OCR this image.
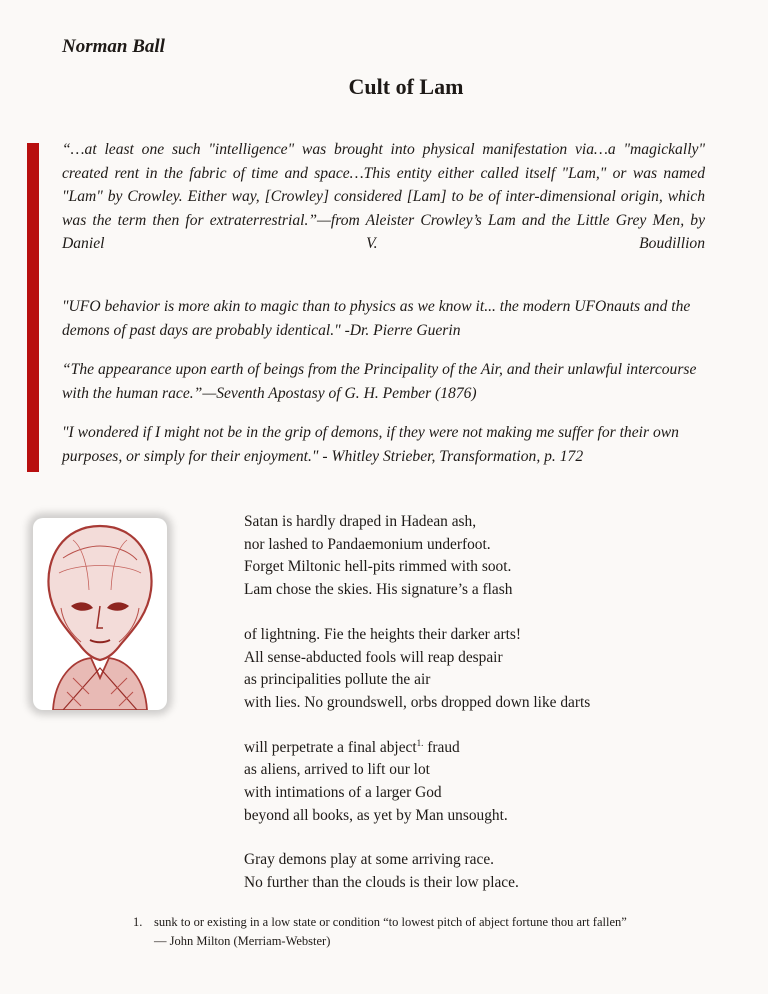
Norman Ball
Cult of Lam

“…at least one such "intelligence" was brought into physical manifestation via…a "magickally" created rent in the fabric of time and space…This entity either called itself "Lam," or was named "Lam" by Crowley. Either way, [Crowley] considered [Lam] to be of inter-dimensional origin, which was the term then for extraterrestrial.”—from Aleister Crowley’s Lam and the Little Grey Men, by Daniel V. Boudillion

"UFO behavior is more akin to magic than to physics as we know it... the modern UFOnauts and the demons of past days are probably identical." -Dr. Pierre Guerin

“The appearance upon earth of beings from the Principality of the Air, and their unlawful intercourse with the human race.”—Seventh Apostasy of G. H. Pember (1876)

"I wondered if I might not be in the grip of demons, if they were not making me suffer for their own purposes, or simply for their enjoyment." - Whitley Strieber, Transformation, p. 172

Satan is hardly draped in Hadean ash,
nor lashed to Pandaemonium underfoot.
Forget Miltonic hell-pits rimmed with soot.
Lam chose the skies. His signature’s a flash
of lightning. Fie the heights their darker arts!
All sense-abducted fools will reap despair
as principalities pollute the air
with lies. No groundswell, orbs dropped down like darts
will perpetrate a final abject$^{1.}$ fraud
as aliens, arrived to lift our lot
with intimations of a larger God
beyond all books, as yet by Man unsought.
Gray demons play at some arriving race.
No further than the clouds is their low place.
1. sunk to or existing in a low state or condition “to lowest pitch of abject fortune thou art fallen”
— John Milton (Merriam-Webster)
